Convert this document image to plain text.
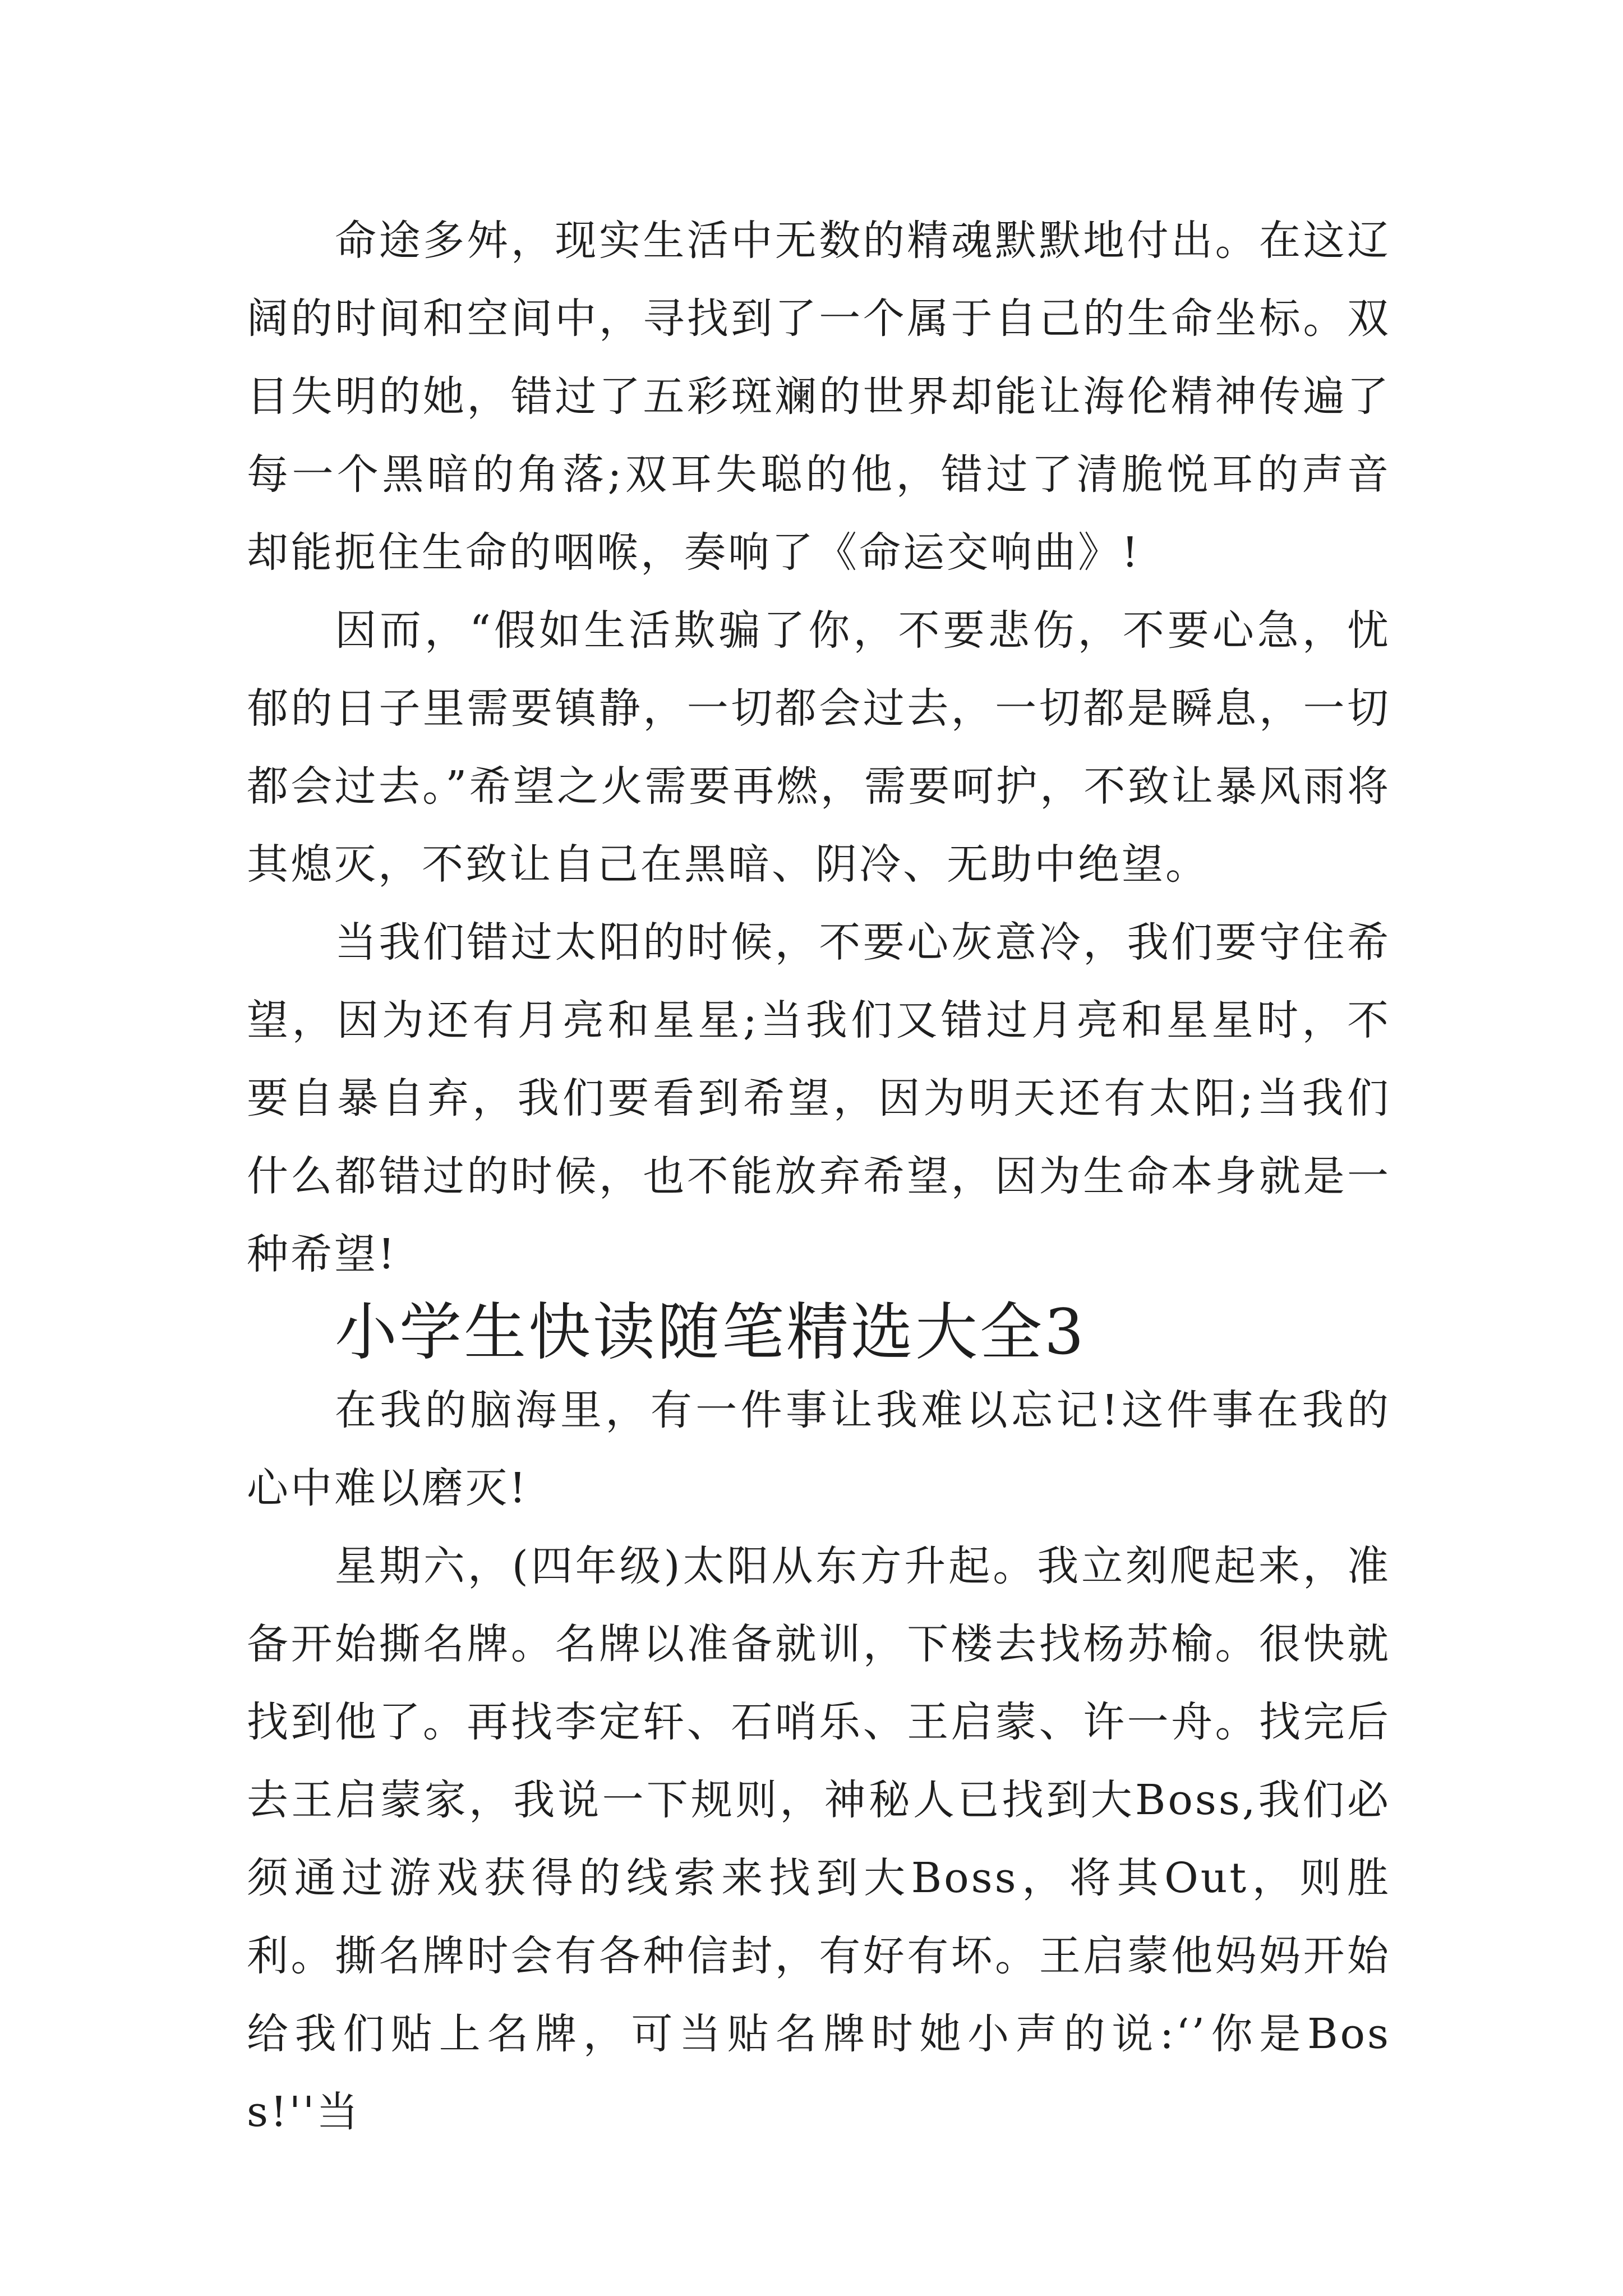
命途多舛，现实生活中无数的精魂默默地付出。在这辽阔的时间和空间中，寻找到了一个属于自己的生命坐标。双目失明的她，错过了五彩斑斓的世界却能让海伦精神传遍了每一个黑暗的角落;双耳失聪的他，错过了清脆悦耳的声音却能扼住生命的咽喉，奏响了《命运交响曲》!

因而，“假如生活欺骗了你，不要悲伤，不要心急，忧郁的日子里需要镇静，一切都会过去，一切都是瞬息，一切都会过去。”希望之火需要再燃，需要呵护，不致让暴风雨将其熄灭，不致让自己在黑暗、阴冷、无助中绝望。

当我们错过太阳的时候，不要心灰意冷，我们要守住希望，因为还有月亮和星星;当我们又错过月亮和星星时，不要自暴自弃，我们要看到希望，因为明天还有太阳;当我们什么都错过的时候，也不能放弃希望，因为生命本身就是一种希望!

小学生快读随笔精选大全3

在我的脑海里，有一件事让我难以忘记!这件事在我的心中难以磨灭!

星期六，(四年级)太阳从东方升起。我立刻爬起来，准备开始撕名牌。名牌以准备就训，下楼去找杨苏榆。很快就找到他了。再找李定轩、石哨乐、王启蒙、许一舟。找完后去王启蒙家，我说一下规则，神秘人已找到大Boss,我们必须通过游戏获得的线索来找到大Boss，将其Out，则胜利。撕名牌时会有各种信封，有好有坏。王启蒙他妈妈开始给我们贴上名牌，可当贴名牌时她小声的说:‘’你是Boss!''当
